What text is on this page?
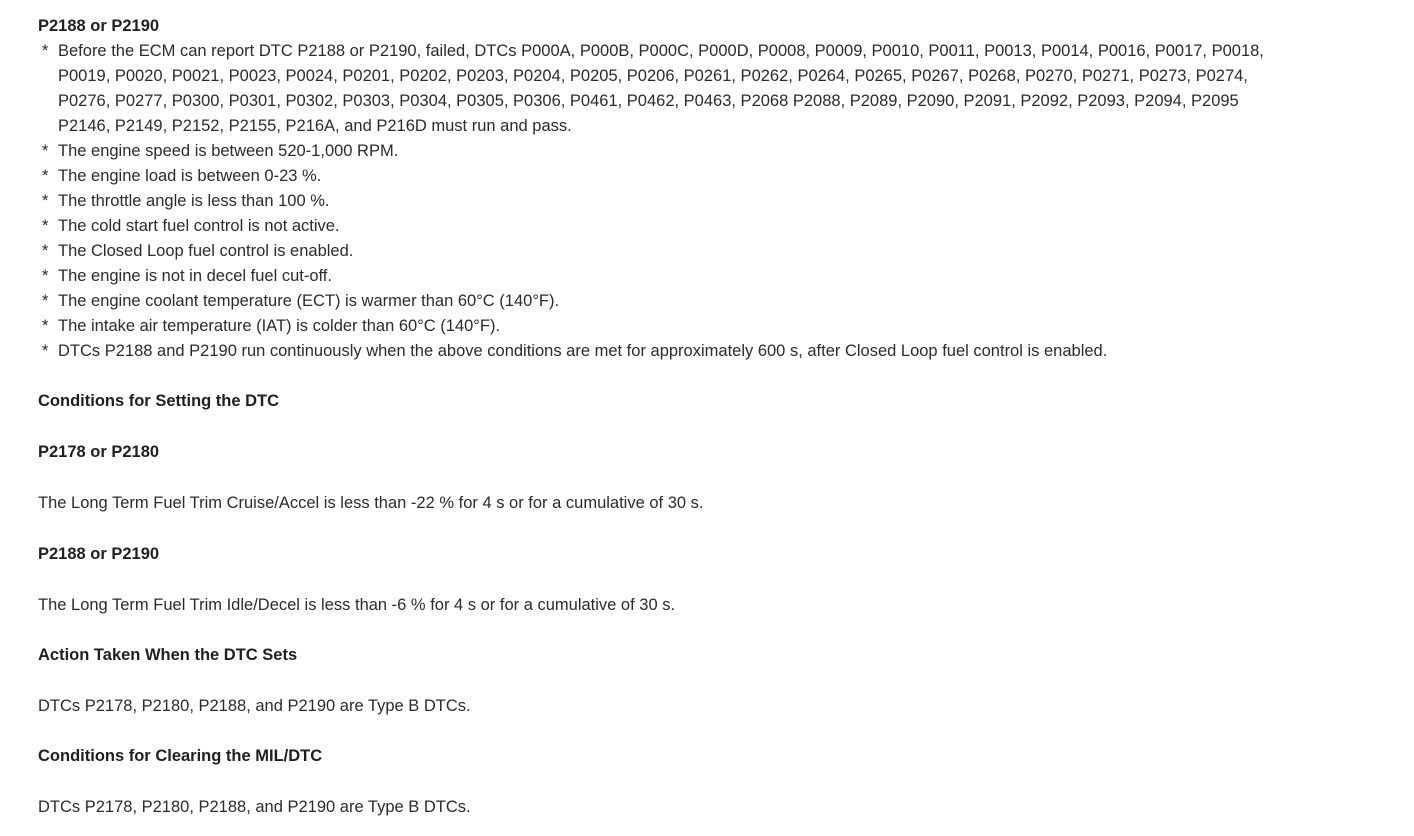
P2188 or P2190
* Before the ECM can report DTC P2188 or P2190, failed, DTCs P000A, P000B, P000C, P000D, P0008, P0009, P0010, P0011, P0013, P0014, P0016, P0017, P0018, P0019, P0020, P0021, P0023, P0024, P0201, P0202, P0203, P0204, P0205, P0206, P0261, P0262, P0264, P0265, P0267, P0268, P0270, P0271, P0273, P0274, P0276, P0277, P0300, P0301, P0302, P0303, P0304, P0305, P0306, P0461, P0462, P0463, P2068 P2088, P2089, P2090, P2091, P2092, P2093, P2094, P2095 P2146, P2149, P2152, P2155, P216A, and P216D must run and pass.
* The engine speed is between 520-1,000 RPM.
* The engine load is between 0-23 %.
* The throttle angle is less than 100 %.
* The cold start fuel control is not active.
* The Closed Loop fuel control is enabled.
* The engine is not in decel fuel cut-off.
* The engine coolant temperature (ECT) is warmer than 60°C (140°F).
* The intake air temperature (IAT) is colder than 60°C (140°F).
* DTCs P2188 and P2190 run continuously when the above conditions are met for approximately 600 s, after Closed Loop fuel control is enabled.
Conditions for Setting the DTC
P2178 or P2180

The Long Term Fuel Trim Cruise/Accel is less than -22 % for 4 s or for a cumulative of 30 s.

P2188 or P2190

The Long Term Fuel Trim Idle/Decel is less than -6 % for 4 s or for a cumulative of 30 s.

Action Taken When the DTC Sets

DTCs P2178, P2180, P2188, and P2190 are Type B DTCs.

Conditions for Clearing the MIL/DTC

DTCs P2178, P2180, P2188, and P2190 are Type B DTCs.
